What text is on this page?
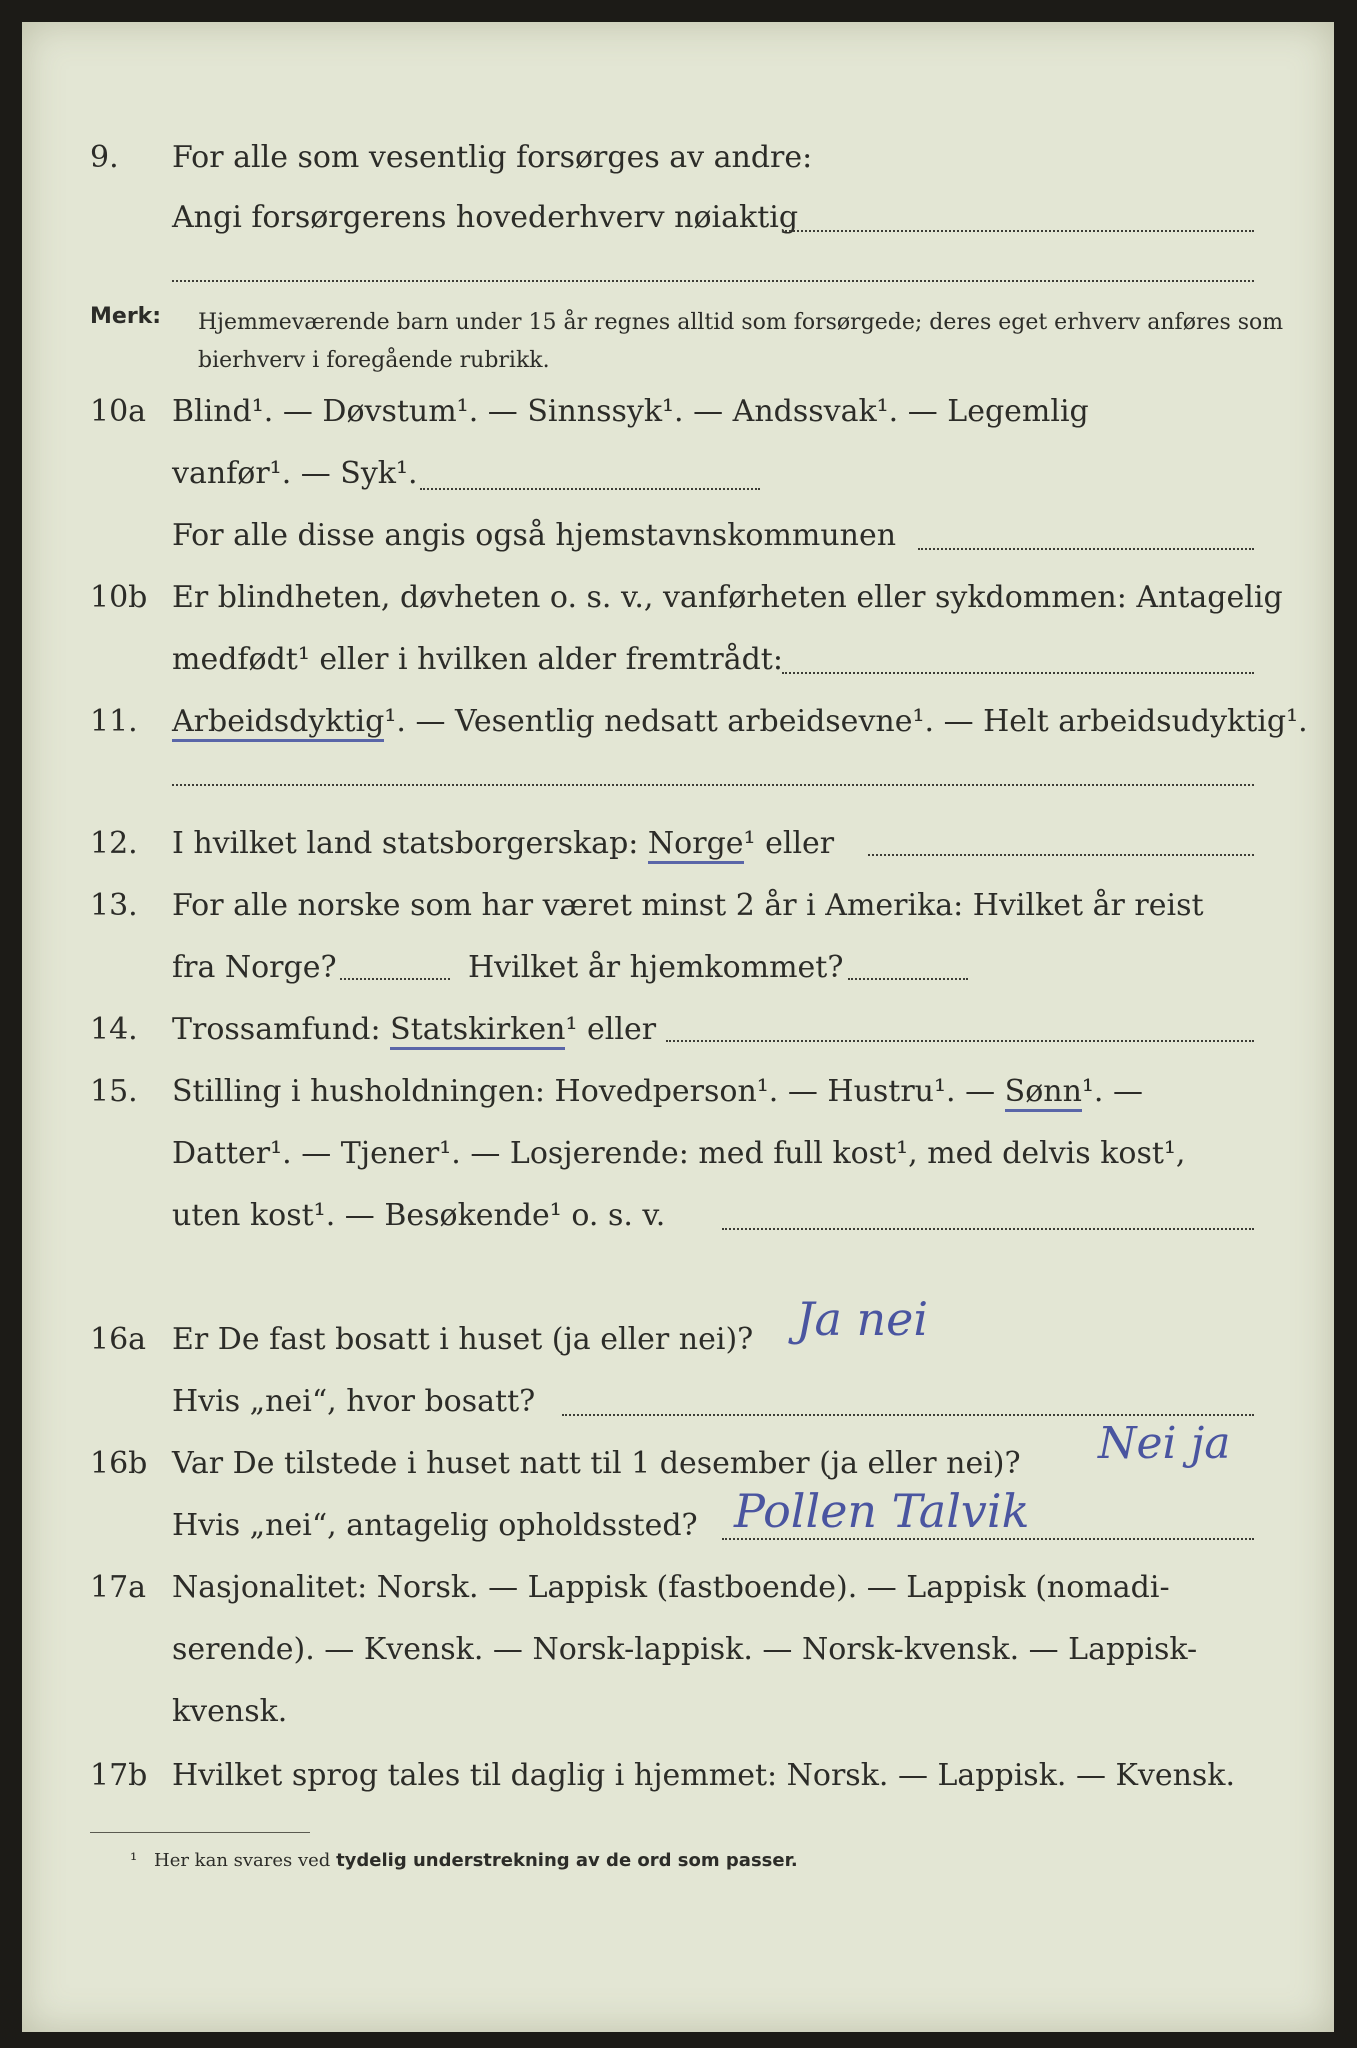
9. For alle som vesentlig forsørges av andre:
Angi forsørgerens hovederhverv nøiaktig
Merk: Hjemmeværende barn under 15 år regnes alltid som forsørgede; deres eget erhverv anføres som bierhverv i foregående rubrikk.
10a Blind¹. — Døvstum¹. — Sinnssyk¹. — Andssvak¹. — Legemlig
vanfør¹. — Syk¹.
For alle disse angis også hjemstavnskommunen
10b Er blindheten, døvheten o. s. v., vanførheten eller sykdommen: Antagelig
medfødt¹ eller i hvilken alder fremtrådt:
11. Arbeidsdyktig¹. — Vesentlig nedsatt arbeidsevne¹. — Helt arbeidsudyktig¹.
12. I hvilket land statsborgerskap: Norge¹ eller
13. For alle norske som har været minst 2 år i Amerika: Hvilket år reist
fra Norge?	Hvilket år hjemkommet?
14. Trossamfund: Statskirken¹ eller
15. Stilling i husholdningen: Hovedperson¹. — Hustru¹. — Sønn¹. —
Datter¹. — Tjener¹. — Losjerende: med full kost¹, med delvis kost¹,
uten kost¹. — Besøkende¹ o. s. v.
16a Er De fast bosatt i huset (ja eller nei)? Ja nei
Hvis „nei“, hvor bosatt?
16b Var De tilstede i huset natt til 1 desember (ja eller nei)? Nei ja
Hvis „nei“, antagelig opholdssted? Pollen Talvik
17a Nasjonalitet: Norsk. — Lappisk (fastboende). — Lappisk (nomadi-
serende). — Kvensk. — Norsk-lappisk. — Norsk-kvensk. — Lappisk-
kvensk.
17b Hvilket sprog tales til daglig i hjemmet: Norsk. — Lappisk. — Kvensk.
¹ Her kan svares ved tydelig understrekning av de ord som passer.
